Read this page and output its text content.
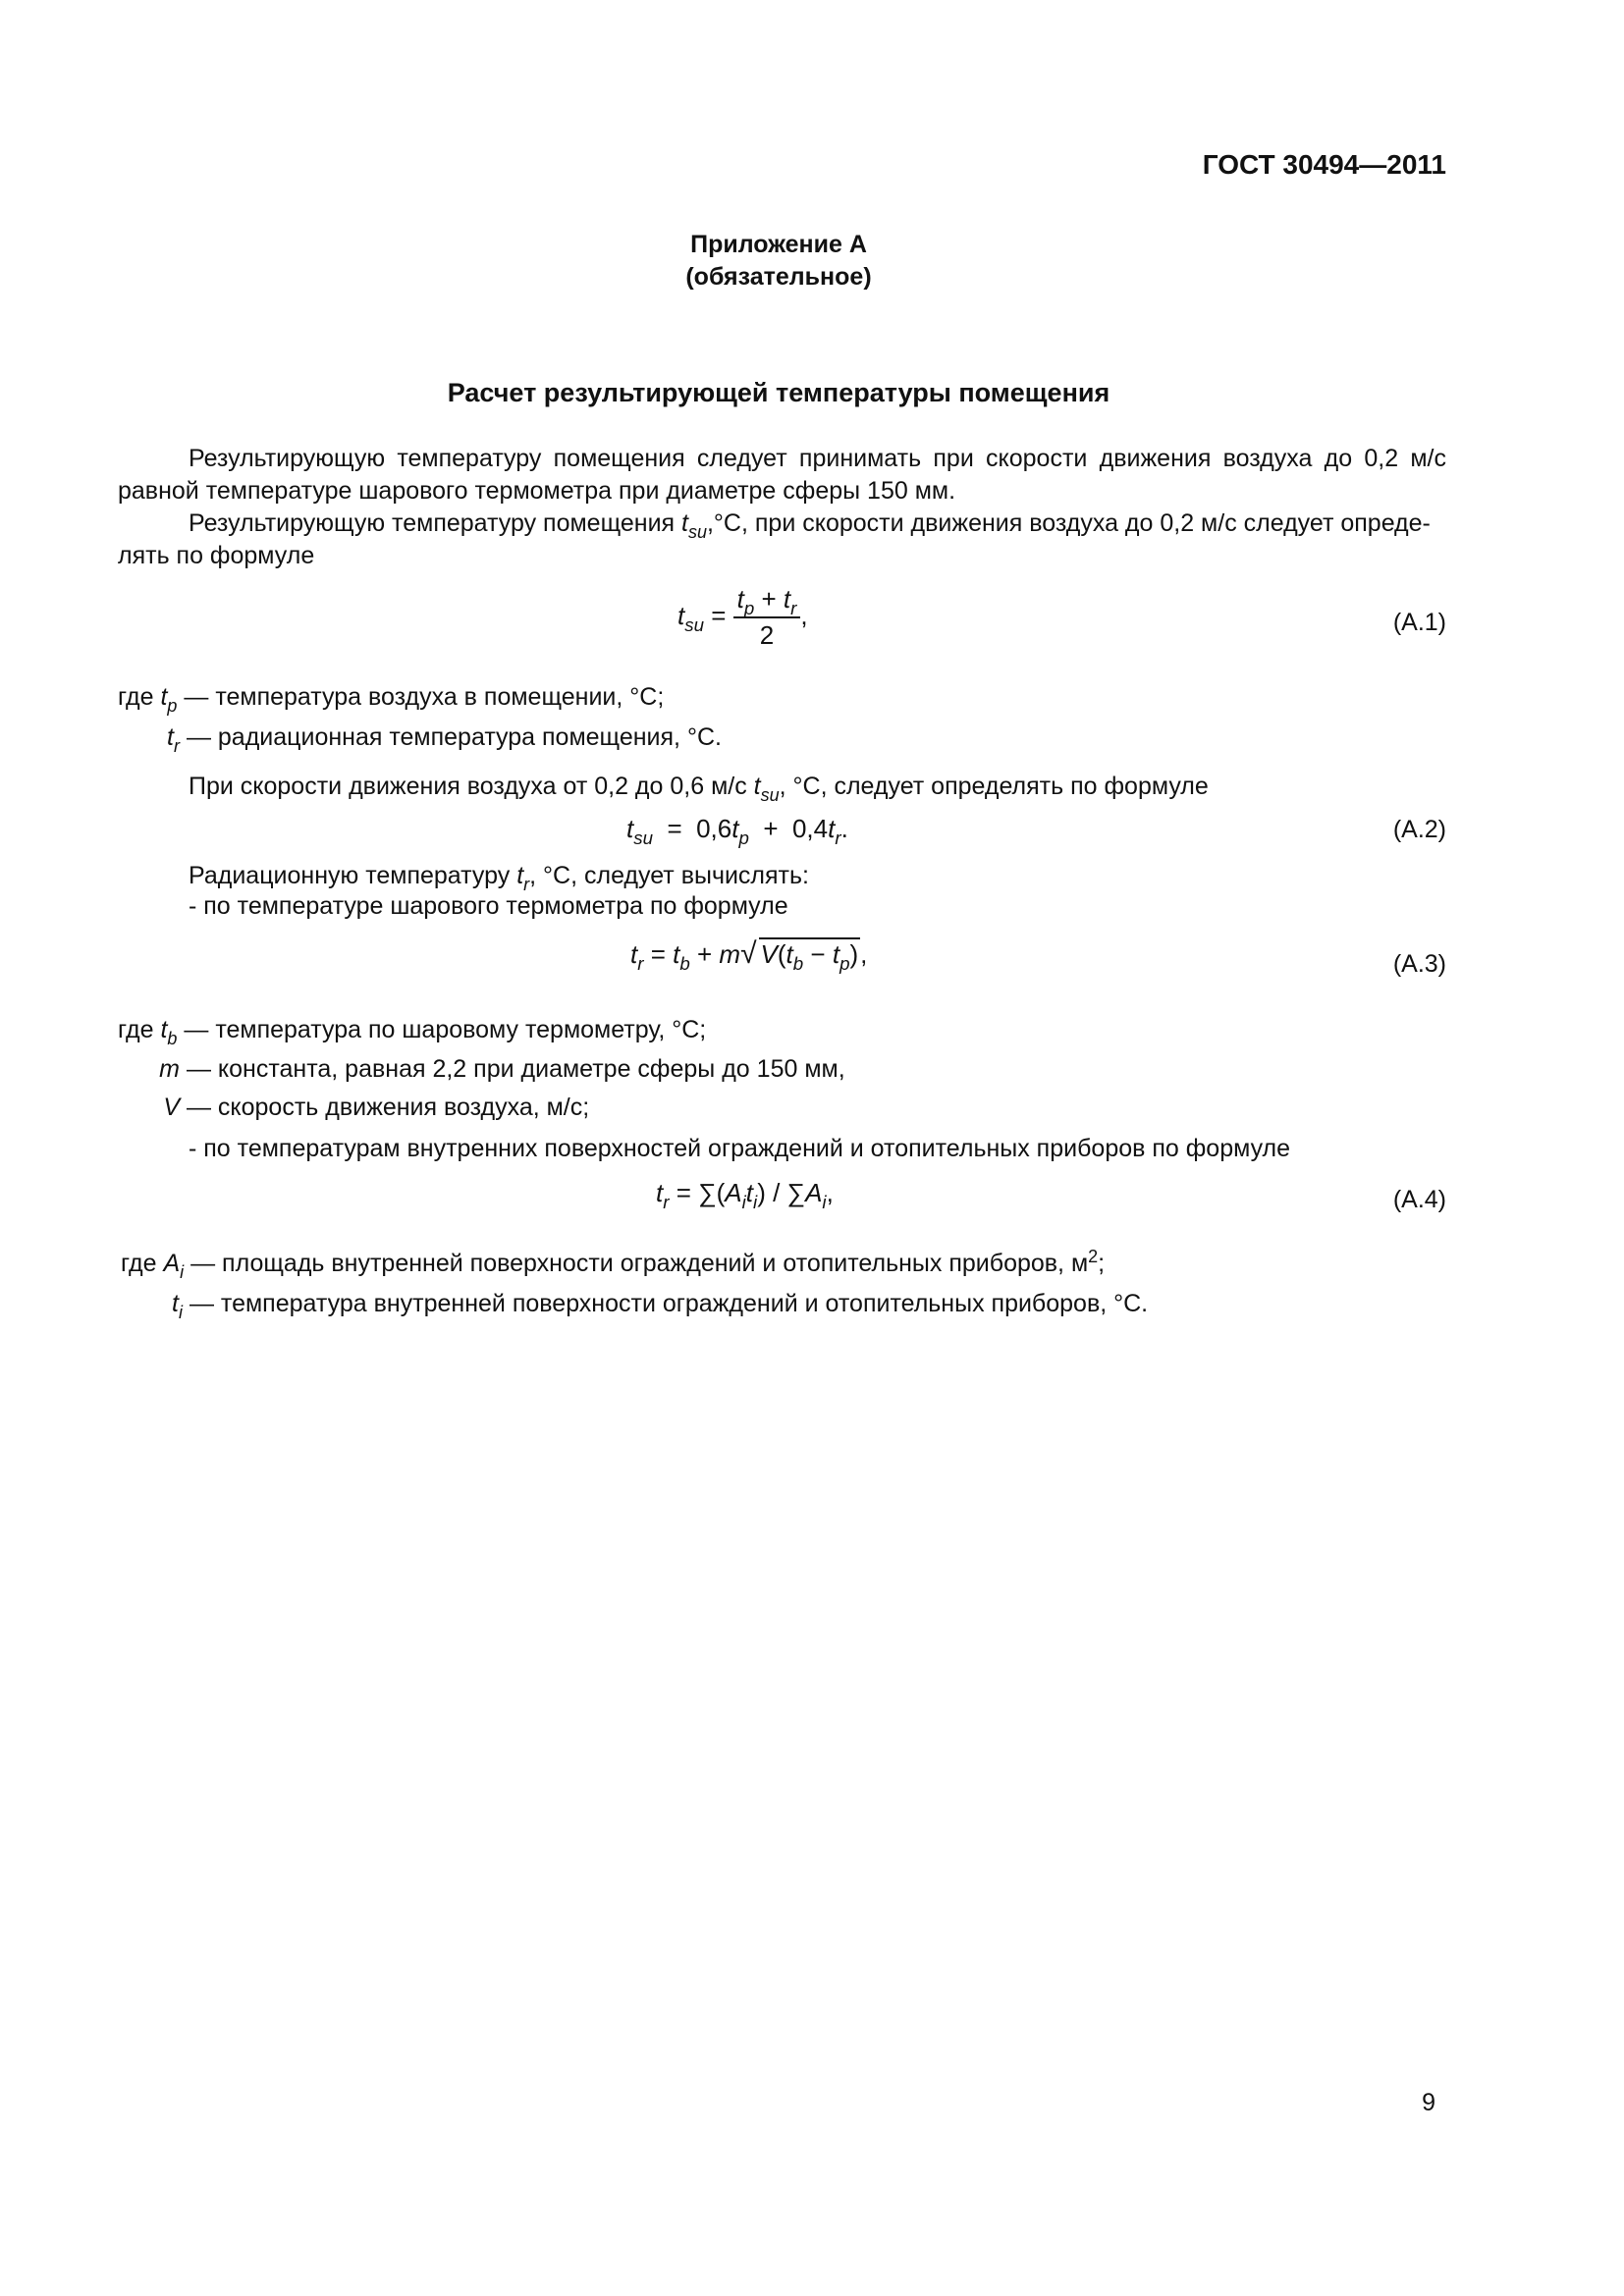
ГОСТ 30494—2011
Приложение А
(обязательное)
Расчет результирующей температуры помещения
Результирующую температуру помещения следует принимать при скорости движения воздуха до 0,2 м/с
равной температуре шарового термометра при диаметре сферы 150 мм.
Результирующую температуру помещения $t_{su},^\circ С$, при скорости движения воздуха до 0,2 м/с следует опреде-
лять по формуле
$t_{su} = \frac{t_p + t_r}{2}$ ,	(А.1)
где $t_p$ — температура воздуха в помещении, °С;
$t_r$ — радиационная температура помещения, °С.
При скорости движения воздуха от 0,2 до 0,6 м/с $t_{su}$, °С, следует определять по формуле
$t_{su} = 0,6t_p + 0,4t_r$.	(А.2)
Радиационную температуру $t_r$, °С, следует вычислять:
- по температуре шарового термометра по формуле
$t_r = t_b + m√$ $V(t_b - t_p)$,	(А.3)
где $t_b$ — температура по шаровому термометру, °С;
m — константа, равная 2,2 при диаметре сферы до 150 мм,
V — скорость движения воздуха, м/с;
- по температурам внутренних поверхностей ограждений и отопительных приборов по формуле
$t_r = \sum(A_it_i) / \sum A_i$,	(А.4)
где $A_i$ — площадь внутренней поверхности ограждений и отопительных приборов, $м^2$;
$t_i$ — температура внутренней поверхности ограждений и отопительных приборов, °С.
9
